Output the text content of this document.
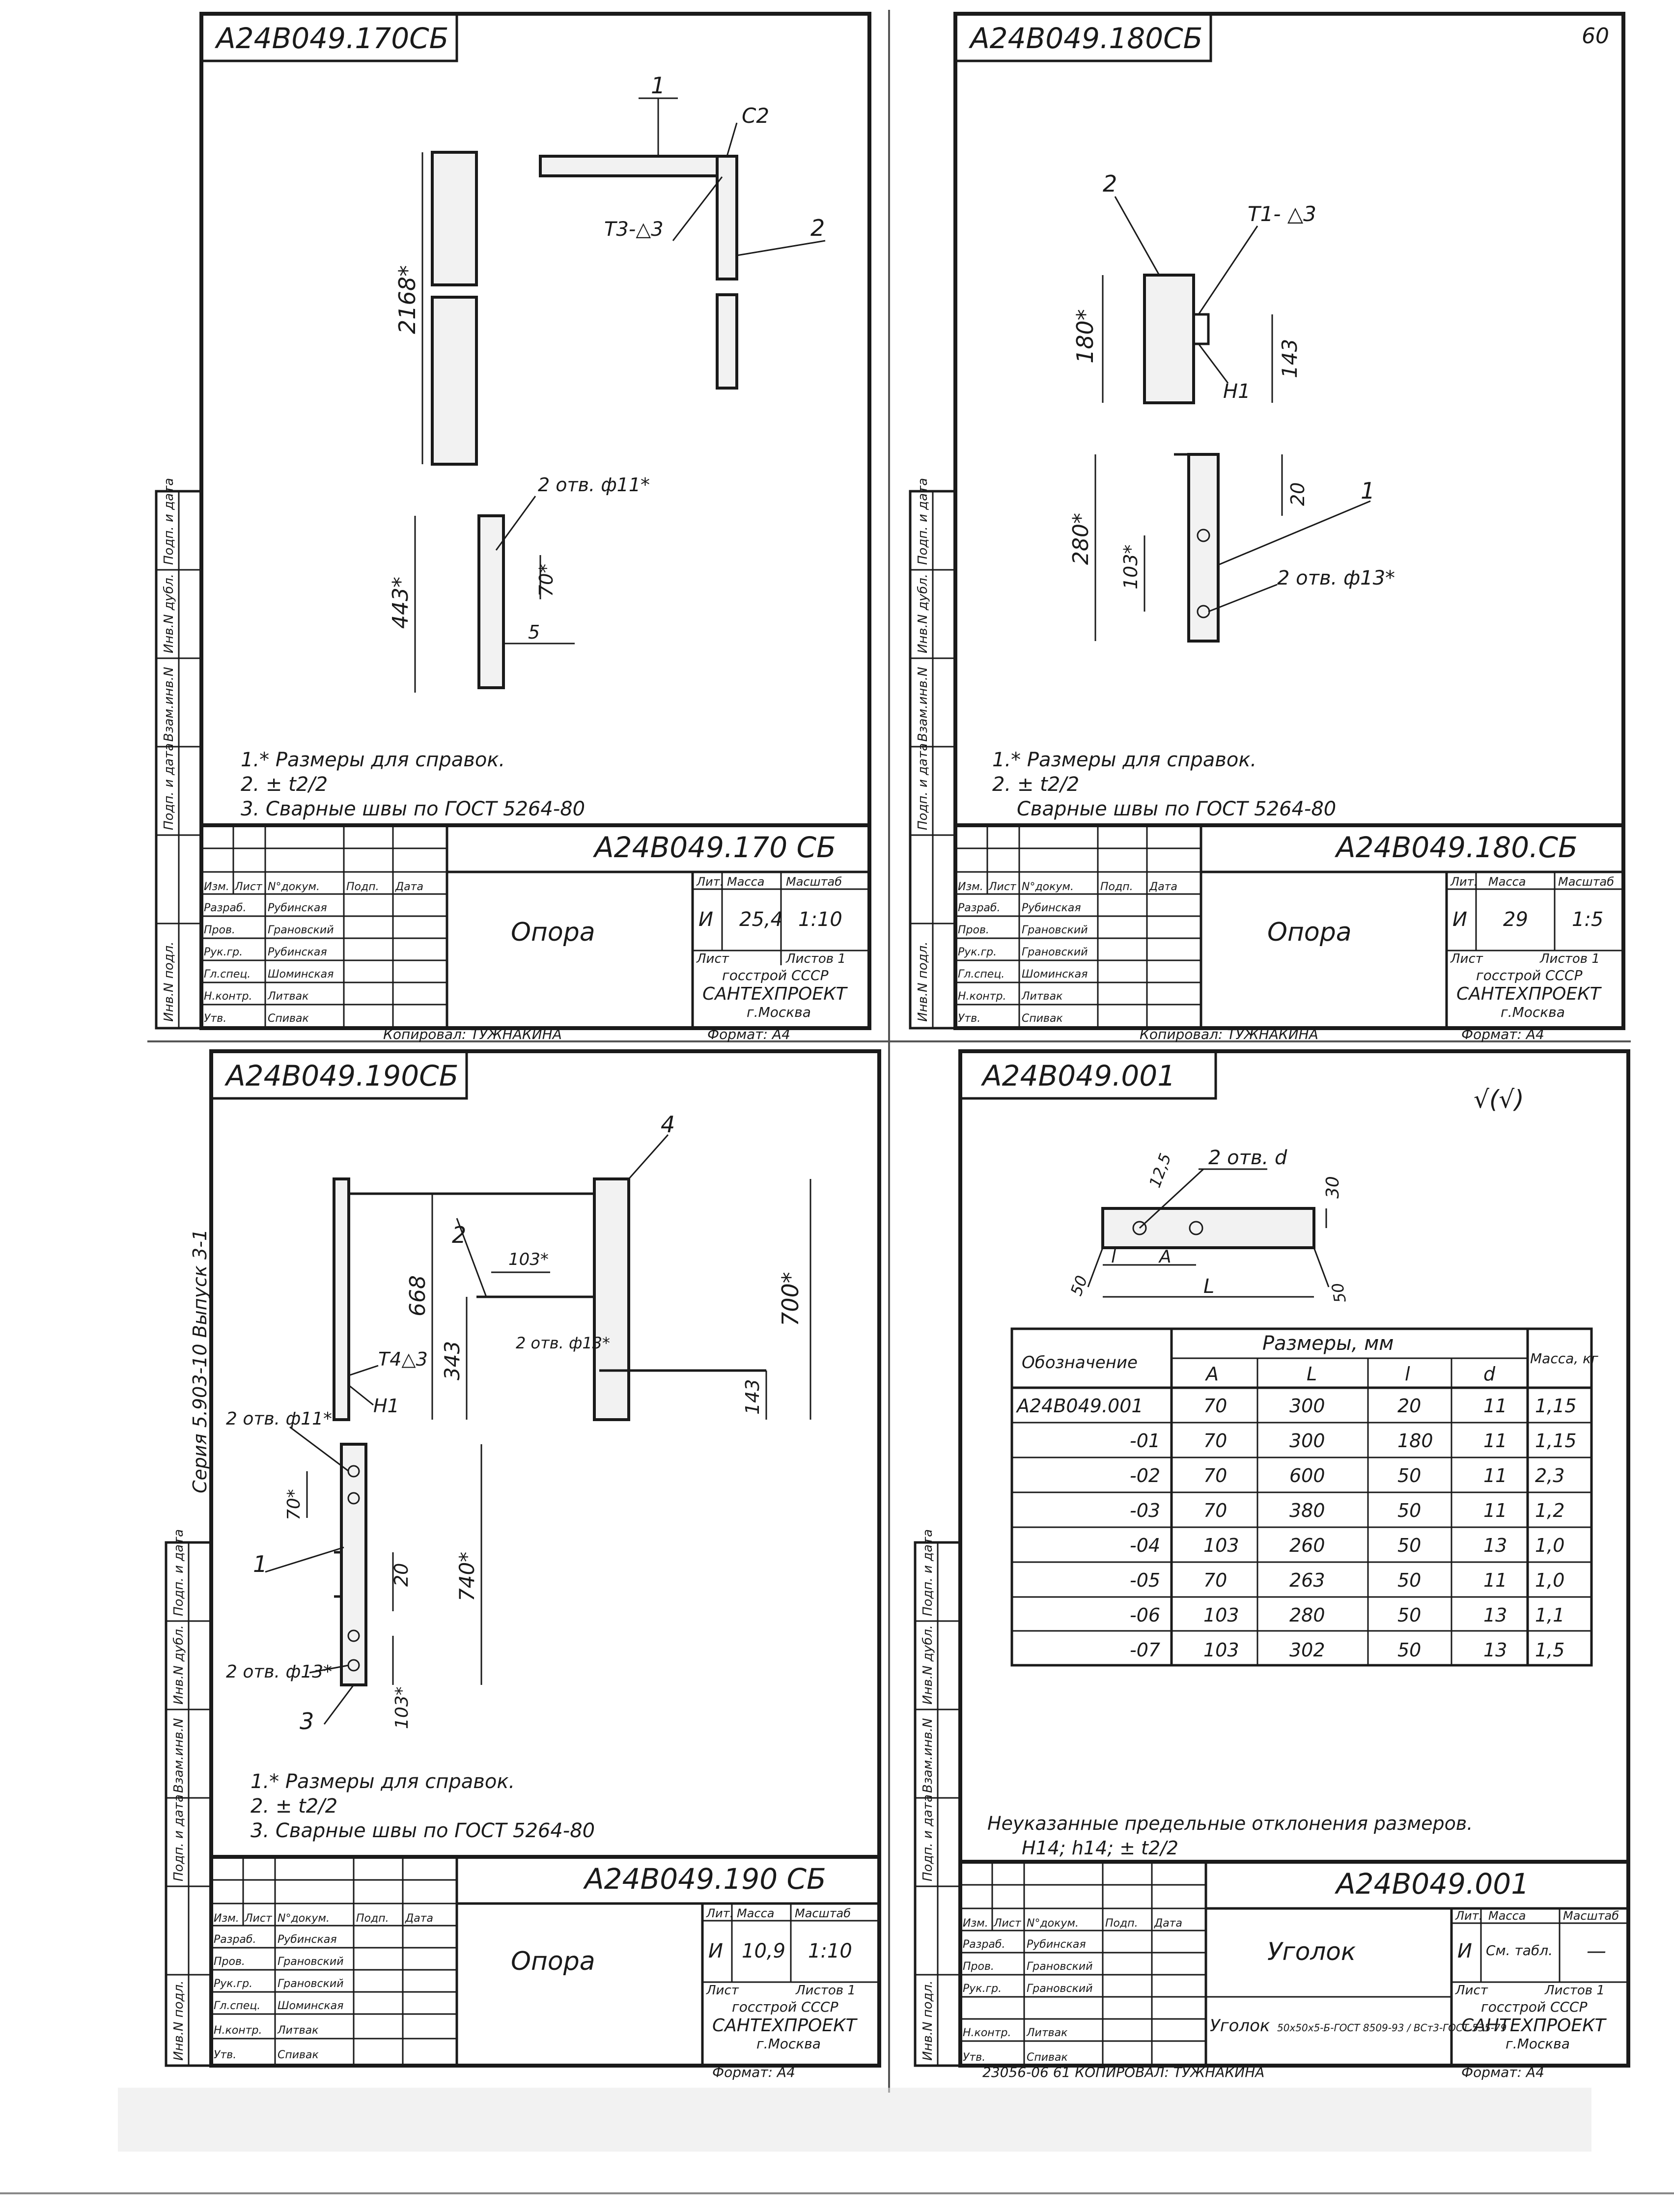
60
Серия 5.903-10 Выпуск 3-1
А24В049.170СБ
Подп. и дата
Инв.N дубл.
Взам.инв.N
Подп. и дата
Инв.N подл.
2168*
1
С2
Т3-△3	2
443*
2 отв. ф11*
70*
5
1.* Размеры для справок.
2. ± t2/2
3. Сварные швы по ГОСТ 5264-80
А24В049.170 СБ
Опора
Лит. Масса Масштаб
И 25,4 1:10
Лист	Листов 1
госстрой СССР
САНТЕХПРОЕКТ
г.Москва
Изм. Лист N°докум. Подп. Дата
Разраб. Рубинская
Пров.	Грановский
Рук.гр. Рубинская
Гл.спец. Шоминская
Н.контр. Литвак
Утв.	Спивак
Копировал: ТУЖНАКИНА	Формат: А4
А24В049.180СБ
Подп. и дата
Инв.N дубл.
Взам.инв.N
Подп. и дата
Инв.N подл.
180*	143
2
Т1- △3
Н1
280*
103*
20 1
2 отв. ф13*
1.* Размеры для справок.
2. ± t2/2
Сварные швы по ГОСТ 5264-80
А24В049.180.СБ
Опора
Лит. Масса	Масштаб
И 29 1:5
Лист	Листов 1
госстрой СССР
САНТЕХПРОЕКТ
г.Москва
Изм. Лист N°докум. Подп. Дата
Разраб. Рубинская
Пров.	Грановский
Рук.гр. Грановский
Гл.спец. Шоминская
Н.контр. Литвак
Утв.	Спивак
Копировал: ТУЖНАКИНА	Формат: А4
А24В049.190СБ
Подп. и дата
Инв.N дубл.
Взам.инв.N
Подп. и дата
Инв.N подл.
4
2
103*
668	700*
343	2 отв. ф13*
143
Т4△3
Н1
2 отв. ф11*
70*
1	20 740*
2 отв. ф13*
3	103*
1.* Размеры для справок.
2. ± t2/2
3. Сварные швы по ГОСТ 5264-80
А24В049.190 СБ
Опора
Лит. Масса Масштаб
И 10,9 1:10
Лист	Листов 1
госстрой СССР
САНТЕХПРОЕКТ
г.Москва
Изм. Лист N°докум. Подп. Дата
Разраб. Рубинская
Пров.	Грановский
Рук.гр. Грановский
Гл.спец. Шоминская
Н.контр. Литвак
Утв.	Спивак
Формат: А4
А24В049.001
√(√)
Подп. и дата
Инв.N дубл.
Взам.инв.N
Подп. и дата
Инв.N подл.
2 отв. d
12,5	30
l А
L
50	50
Обозначение
Размеры, мм
А	L	l	d
Масса, кг
А24В049.001	70	300	20	11 1,15
-01 70	300	180	11 1,15
-02 70	600	50	11 2,3
-03 70	380	50	11 1,2
-04 103	260	50	13 1,0
-05 70	263	50	11 1,0
-06 103	280	50	13 1,1
-07 103	302	50	13 1,5
Неуказанные предельные отклонения размеров.
Н14; h14; ± t2/2
А24В049.001
Уголок
Уголок 50х50х5-Б-ГОСТ 8509-93 / ВСт3-ГОСТ 535-79
Лит. Масса	Масштаб
И См. табл. —
Лист	Листов 1
госстрой СССР
САНТЕХПРОЕКТ
г.Москва
Изм. Лист N°докум. Подп. Дата
Разраб. Рубинская
Пров.	Грановский
Рук.гр. Грановский
Н.контр. Литвак
Утв.	Спивак
23056-06 61 КОПИРОВАЛ: ТУЖНАКИНА	Формат: А4
